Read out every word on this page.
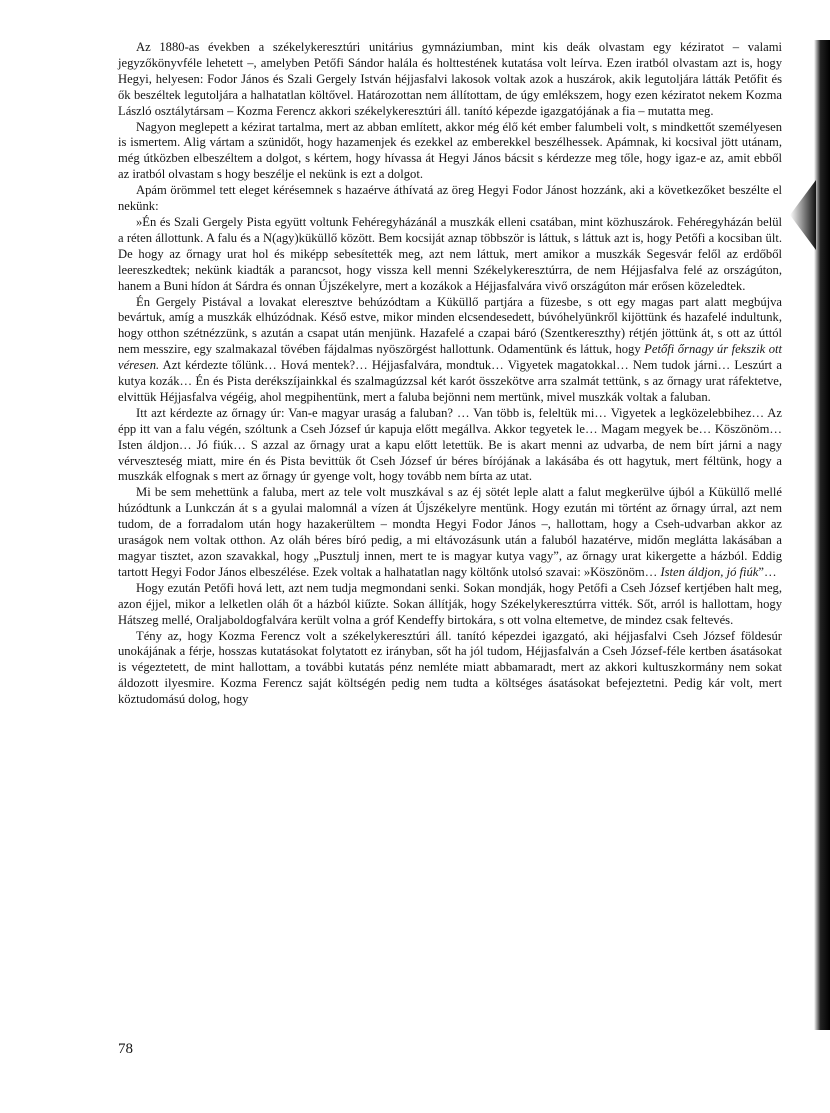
Az 1880-as években a székelykeresztúri unitárius gymnáziumban, mint kis deák olvastam egy kéziratot – valami jegyzőkönyvféle lehetett –, amelyben Petőfi Sándor halála és holttestének kutatása volt leírva. Ezen iratból olvastam azt is, hogy Hegyi, helyesen: Fodor János és Szali Gergely István héjjasfalvi lakosok voltak azok a huszárok, akik legutoljára látták Petőfit és ők beszéltek legutoljára a halhatatlan költővel. Határozottan nem állítottam, de úgy emlékszem, hogy ezen kéziratot nekem Kozma László osztálytársam – Kozma Ferencz akkori székelykeresztúri áll. tanító képezde igazgatójának a fia – mutatta meg.

Nagyon meglepett a kézirat tartalma, mert az abban említett, akkor még élő két ember falumbeli volt, s mindkettőt személyesen is ismertem. Alig vártam a szünidőt, hogy hazamenjek és ezekkel az emberekkel beszélhessek. Apámnak, ki kocsival jött utánam, még útközben elbeszéltem a dolgot, s kértem, hogy hívassa át Hegyi János bácsit s kérdezze meg tőle, hogy igaz-e az, amit ebből az iratból olvastam s hogy beszélje el nekünk is ezt a dolgot.

Apám örömmel tett eleget kérésemnek s hazaérve áthívatá az öreg Hegyi Fodor Jánost hozzánk, aki a következőket beszélte el nekünk:

»Én és Szali Gergely Pista együtt voltunk Fehéregyházánál a muszkák elleni csatában, mint közhuszárok. Fehéregyházán belül a réten állottunk. A falu és a N(agy)küküllő között. Bem kocsiját aznap többször is láttuk, s láttuk azt is, hogy Petőfi a kocsiban ült. De hogy az őrnagy urat hol és miképp sebesítették meg, azt nem láttuk, mert amikor a muszkák Segesvár felől az erdőből leereszkedtek; nekünk kiadták a parancsot, hogy vissza kell menni Székelykeresztúrra, de nem Héjjasfalva felé az országúton, hanem a Buni hídon át Sárdra és onnan Újszékelyre, mert a kozákok a Héjjasfalvára vivő országúton már erősen közeledtek.

Én Gergely Pistával a lovakat eleresztve behúzódtam a Küküllő partjára a füzesbe, s ott egy magas part alatt megbújva bevártuk, amíg a muszkák elhúzódnak. Késő estve, mikor minden elcsendesedett, búvóhelyünkről kijöttünk és hazafelé indultunk, hogy otthon szétnézzünk, s azután a csapat után menjünk. Hazafelé a czapai báró (Szentkereszthy) rétjén jöttünk át, s ott az úttól nem messzire, egy szalmakazal tövében fájdalmas nyöszörgést hallottunk. Odamentünk és láttuk, hogy Petőfi őrnagy úr fekszik ott véresen. Azt kérdezte tőlünk… Hová mentek?… Héjjasfalvára, mondtuk… Vigyetek magatokkal… Nem tudok járni… Leszúrt a kutya kozák… Én és Pista derékszíjainkkal és szalmagúzzsal két karót összekötve arra szalmát tettünk, s az őrnagy urat ráfektetve, elvittük Héjjasfalva végéig, ahol megpihentünk, mert a faluba bejönni nem mertünk, mivel muszkák voltak a faluban.

Itt azt kérdezte az őrnagy úr: Van-e magyar uraság a faluban? … Van több is, feleltük mi… Vigyetek a legközelebbihez… Az épp itt van a falu végén, szóltunk a Cseh József úr kapuja előtt megállva. Akkor tegyetek le… Magam megyek be… Köszönöm… Isten áldjon… Jó fiúk… S azzal az őrnagy urat a kapu előtt letettük. Be is akart menni az udvarba, de nem bírt járni a nagy vérveszteség miatt, mire én és Pista bevittük őt Cseh József úr béres bírójának a lakásába és ott hagytuk, mert féltünk, hogy a muszkák elfognak s mert az őrnagy úr gyenge volt, hogy tovább nem bírta az utat.

Mi be sem mehettünk a faluba, mert az tele volt muszkával s az éj sötét leple alatt a falut megkerülve újból a Küküllő mellé húzódtunk a Lunkczán át s a gyulai malomnál a vízen át Újszékelyre mentünk. Hogy ezután mi történt az őrnagy úrral, azt nem tudom, de a forradalom után hogy hazakerültem – mondta Hegyi Fodor János –, hallottam, hogy a Cseh-udvarban akkor az uraságok nem voltak otthon. Az oláh béres bíró pedig, a mi eltávozásunk után a faluból hazatérve, midőn meglátta lakásában a magyar tisztet, azon szavakkal, hogy „Pusztulj innen, mert te is magyar kutya vagy”, az őrnagy urat kikergette a házból. Eddig tartott Hegyi Fodor János elbeszélése. Ezek voltak a halhatatlan nagy költőnk utolsó szavai: »Köszönöm… Isten áldjon, jó fiúk”…

Hogy ezután Petőfi hová lett, azt nem tudja megmondani senki. Sokan mondják, hogy Petőfi a Cseh József kertjében halt meg, azon éjjel, mikor a lelketlen oláh őt a házból kiűzte. Sokan állítják, hogy Székelykeresztúrra vitték. Sőt, arról is hallottam, hogy Hátszeg mellé, Oraljaboldogfalvára került volna a gróf Kendeffy birtokára, s ott volna eltemetve, de mindez csak feltevés.

Tény az, hogy Kozma Ferencz volt a székelykeresztúri áll. tanító képezdei igazgató, aki héjjasfalvi Cseh József földesúr unokájának a férje, hosszas kutatásokat folytatott ez irányban, sőt ha jól tudom, Héjjasfalván a Cseh József-féle kertben ásatásokat is végeztetett, de mint hallottam, a további kutatás pénz nemléte miatt abbamaradt, mert az akkori kultuszkormány nem sokat áldozott ilyesmire. Kozma Ferencz saját költségén pedig nem tudta a költséges ásatásokat befejeztetni. Pedig kár volt, mert köztudomású dolog, hogy

78
